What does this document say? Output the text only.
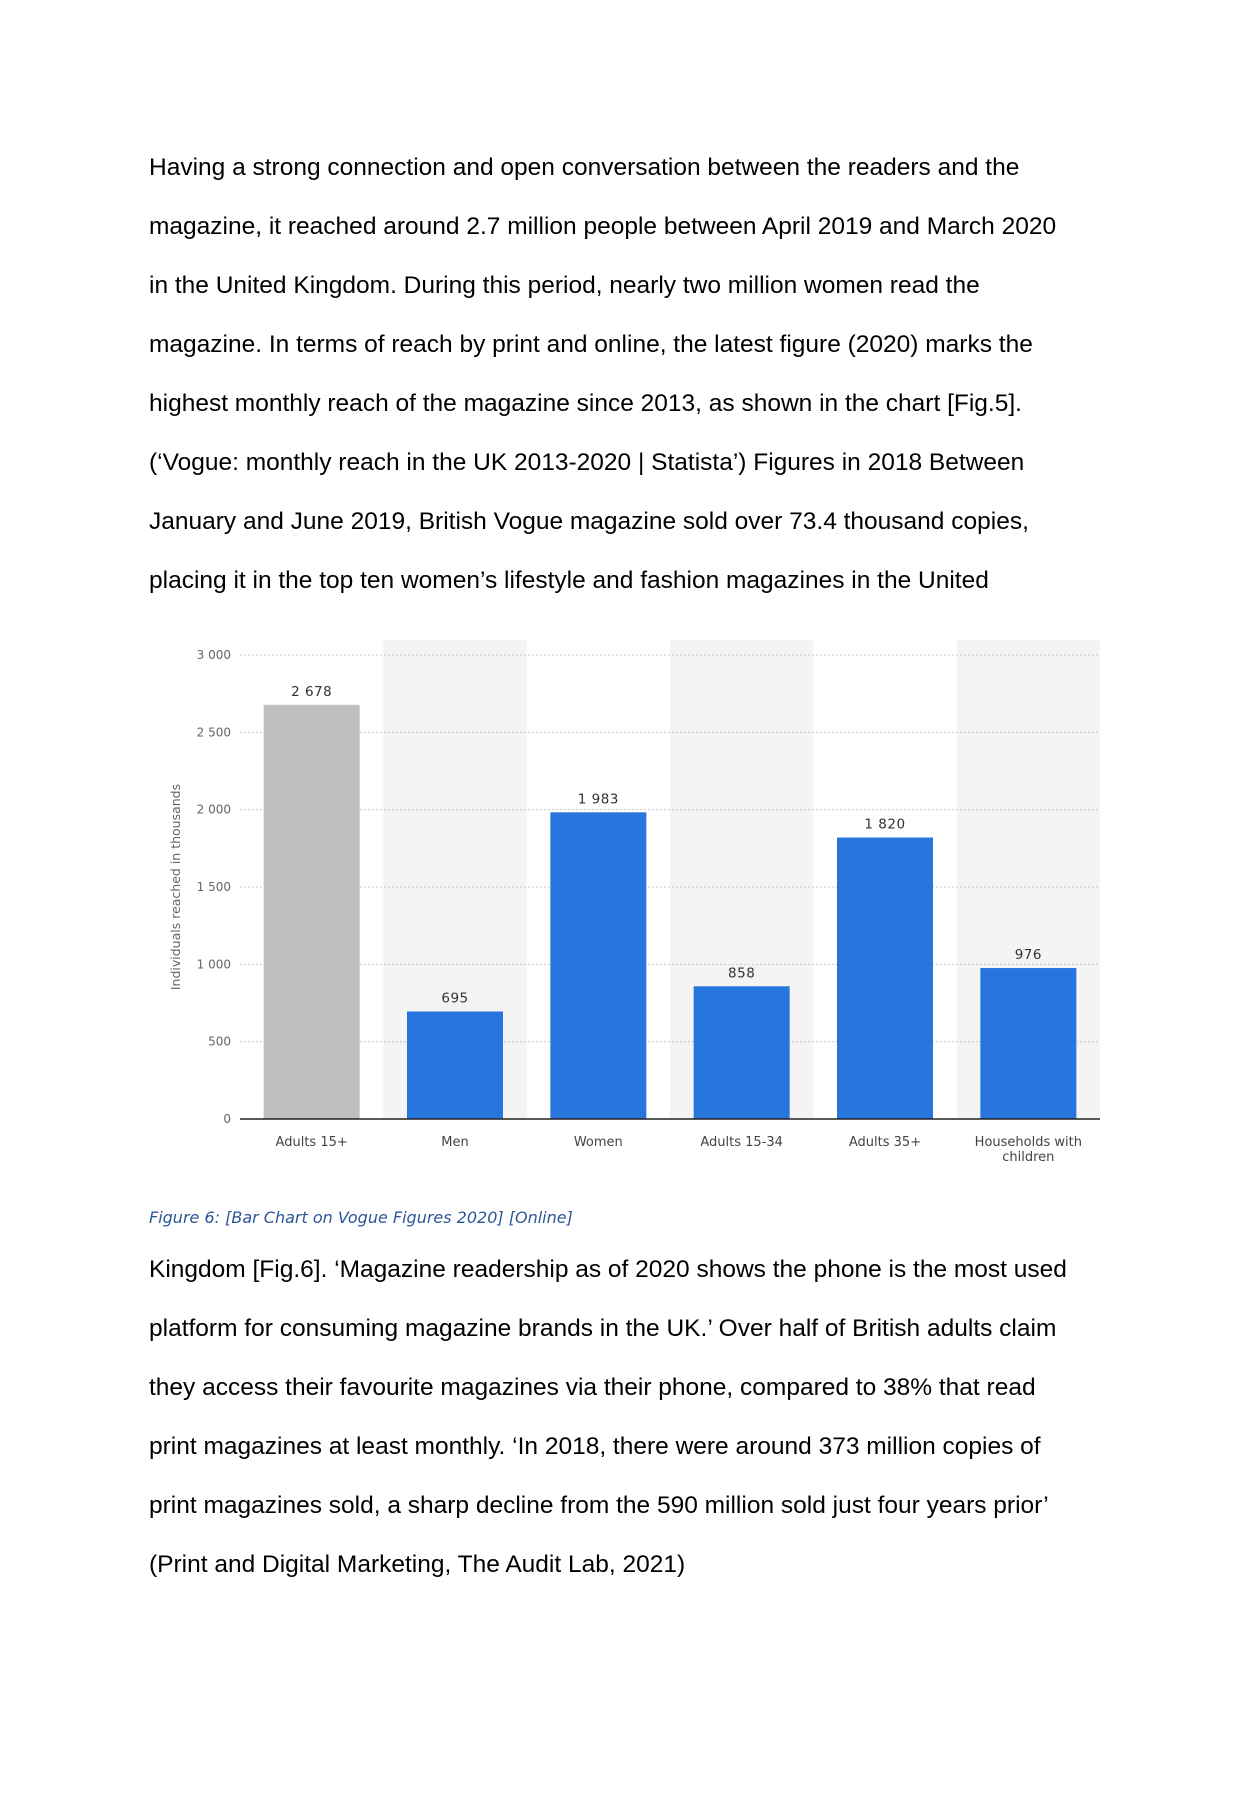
Having a strong connection and open conversation between the readers and the
magazine, it reached around 2.7 million people between April 2019 and March 2020
in the United Kingdom. During this period, nearly two million women read the
magazine. In terms of reach by print and online, the latest figure (2020) marks the
highest monthly reach of the magazine since 2013, as shown in the chart [Fig.5].
(‘Vogue: monthly reach in the UK 2013-2020 | Statista’) Figures in 2018 Between
January and June 2019, British Vogue magazine sold over 73.4 thousand copies,
placing it in the top ten women’s lifestyle and fashion magazines in the United
0
500
1 000
1 500
2 000
2 500
3 000
Individuals reached in thousands
2 678
Adults 15+
695
Men
1 983
Women
858
Adults 15-34
1 820
Adults 35+
976
Households with
children
Figure 6: [Bar Chart on Vogue Figures 2020] [Online]
Kingdom [Fig.6]. ‘Magazine readership as of 2020 shows the phone is the most used
platform for consuming magazine brands in the UK.’ Over half of British adults claim
they access their favourite magazines via their phone, compared to 38% that read
print magazines at least monthly. ‘In 2018, there were around 373 million copies of
print magazines sold, a sharp decline from the 590 million sold just four years prior’
(Print and Digital Marketing, The Audit Lab, 2021)
